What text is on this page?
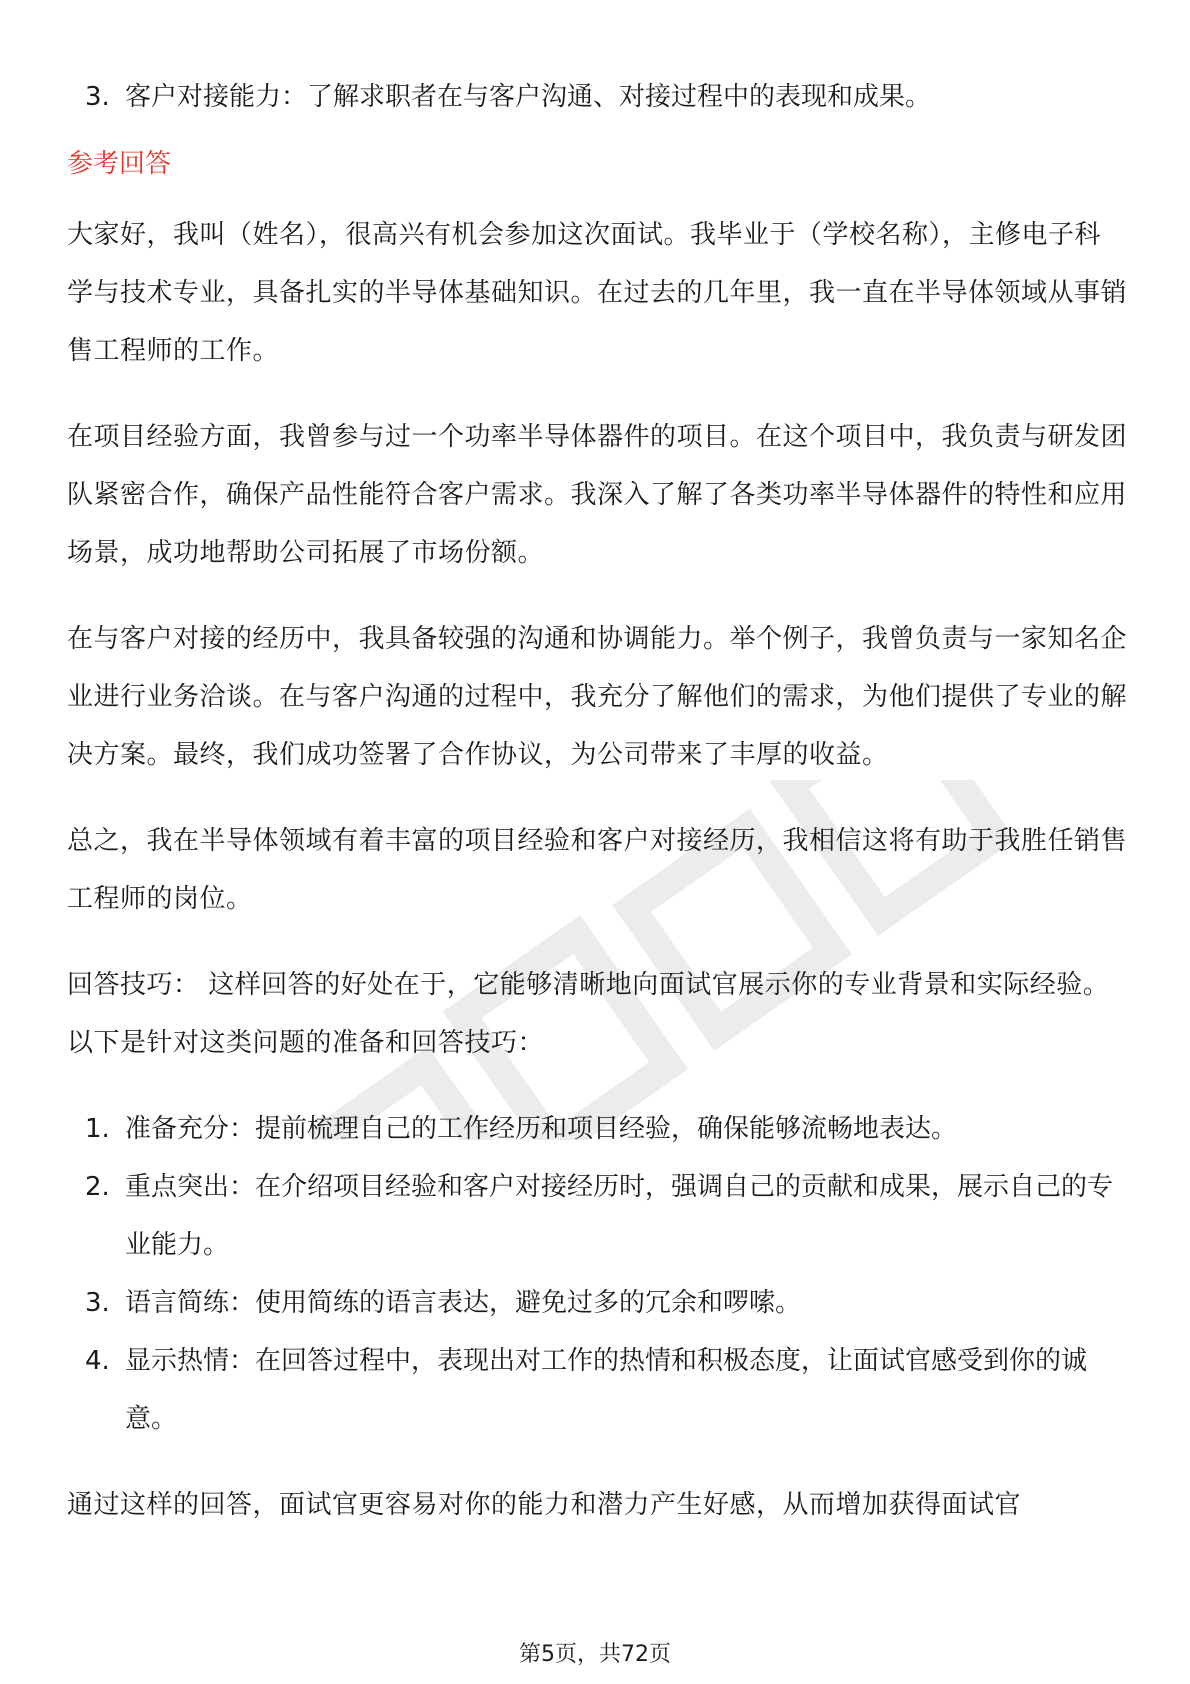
3. 客户对接能力：了解求职者在与客户沟通、对接过程中的表现和成果。

参考回答

大家好，我叫（姓名），很高兴有机会参加这次面试。我毕业于（学校名称），主修电子科学与技术专业，具备扎实的半导体基础知识。在过去的几年里，我一直在半导体领域从事销售工程师的工作。

在项目经验方面，我曾参与过一个功率半导体器件的项目。在这个项目中，我负责与研发团队紧密合作，确保产品性能符合客户需求。我深入了解了各类功率半导体器件的特性和应用场景，成功地帮助公司拓展了市场份额。

在与客户对接的经历中，我具备较强的沟通和协调能力。举个例子，我曾负责与一家知名企业进行业务洽谈。在与客户沟通的过程中，我充分了解他们的需求，为他们提供了专业的解决方案。最终，我们成功签署了合作协议，为公司带来了丰厚的收益。

总之，我在半导体领域有着丰富的项目经验和客户对接经历，我相信这将有助于我胜任销售工程师的岗位。

回答技巧： 这样回答的好处在于，它能够清晰地向面试官展示你的专业背景和实际经验。以下是针对这类问题的准备和回答技巧：

1. 准备充分：提前梳理自己的工作经历和项目经验，确保能够流畅地表达。

2. 重点突出：在介绍项目经验和客户对接经历时，强调自己的贡献和成果，展示自己的专业能力。

3. 语言简练：使用简练的语言表达，避免过多的冗余和啰嗦。

4. 显示热情：在回答过程中，表现出对工作的热情和积极态度，让面试官感受到你的诚意。

通过这样的回答，面试官更容易对你的能力和潜力产生好感，从而增加获得面试官

第5页，共72页
